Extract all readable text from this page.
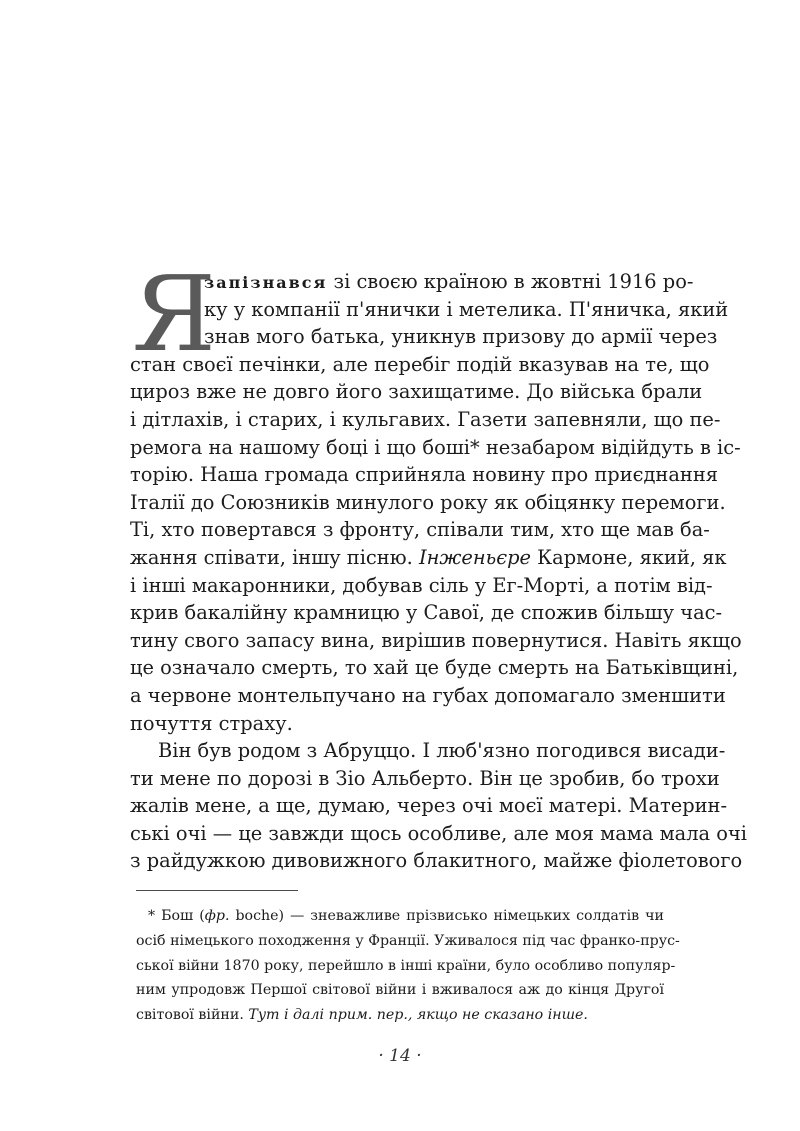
Я
запізнався зі своєю країною в жовтні 1916 ро-
ку у компанії п'янички і метелика. П'яничка, який
знав мого батька, уникнув призову до армії через
стан своєї печінки, але перебіг подій вказував на те, що
цироз вже не довго його захищатиме. До війська брали
і дітлахів, і старих, і кульгавих. Газети запевняли, що пе-
ремога на нашому боці і що боші* незабаром відійдуть в іс-
торію. Наша громада сприйняла новину про приєднання
Італії до Союзників минулого року як обіцянку перемоги.
Ті, хто повертався з фронту, співали тим, хто ще мав ба-
жання співати, іншу пісню. Інженьєре Кармоне, який, як
і інші макаронники, добував сіль у Ег-Морті, а потім від-
крив бакалійну крамницю у Савої, де спожив більшу час-
тину свого запасу вина, вирішив повернутися. Навіть якщо
це означало смерть, то хай це буде смерть на Батьківщині,
а червоне монтельпучано на губах допомагало зменшити
почуття страху.
Він був родом з Абруццо. І люб'язно погодився висади-
ти мене по дорозі в Зіо Альберто. Він це зробив, бо трохи
жалів мене, а ще, думаю, через очі моєї матері. Материн-
ські очі — це завжди щось особливе, але моя мама мала очі
з райдужкою дивовижного блакитного, майже фіолетового
* Бош (фр. boche) — зневажливе прізвисько німецьких солдатів чи
осіб німецького походження у Франції. Уживалося під час франко-прус-
ської війни 1870 року, перейшло в інші країни, було особливо популяр-
ним упродовж Першої світової війни і вживалося аж до кінця Другої
світової війни. Тут і далі прим. пер., якщо не сказано інше.
· 14 ·
